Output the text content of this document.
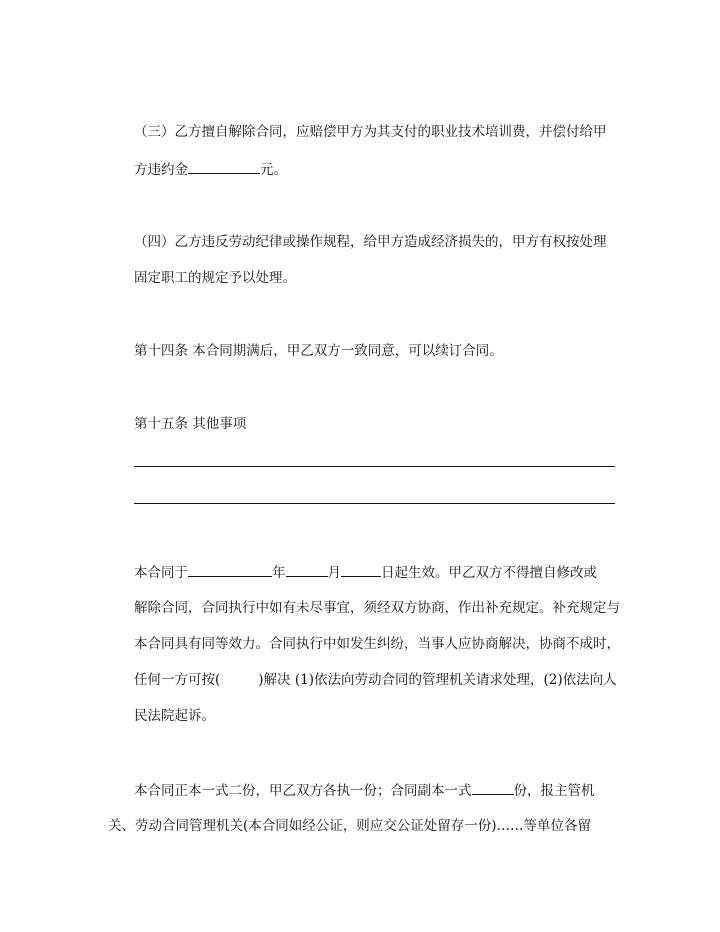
（三）乙方擅自解除合同，应赔偿甲方为其支付的职业技术培训费，并偿付给甲
方违约金	元。
（四）乙方违反劳动纪律或操作规程，给甲方造成经济损失的，甲方有权按处理
固定职工的规定予以处理。
第十四条 本合同期满后，甲乙双方一致同意，可以续订合同。
第十五条 其他事项
本合同于	年	月	日起生效。甲乙双方不得擅自修改或
解除合同，合同执行中如有未尽事宜，须经双方协商，作出补充规定。补充规定与
本合同具有同等效力。合同执行中如发生纠纷，当事人应协商解决，协商不成时，
任何一方可按(	)解决 (1)依法向劳动合同的管理机关请求处理，(2)依法向人
民法院起诉。
本合同正本一式二份，甲乙双方各执一份；合同副本一式	份，报主管机
关、劳动合同管理机关(本合同如经公证，则应交公证处留存一份)……等单位各留
